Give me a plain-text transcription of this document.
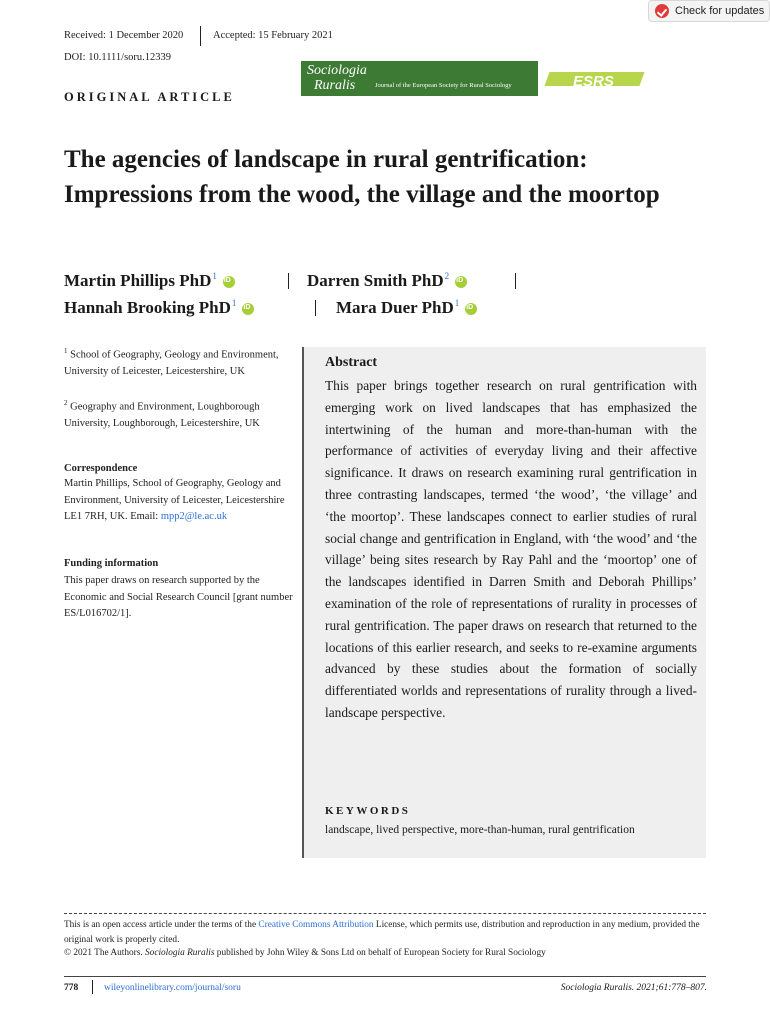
Check for updates
Received: 1 December 2020	Accepted: 15 February 2021
DOI: 10.1111/soru.12339
ORIGINAL ARTICLE
Sociologia
Ruralis	Journal of the European Society for Rural Sociology	ESRS
The agencies of landscape in rural gentrification: Impressions from the wood, the village and the moortop
Martin Phillips PhD$^1$ iD	Darren Smith PhD$^2$
iD
Hannah Brooking PhD$^1$ iD	Mara Duer PhD$^1$
iD
$^1$ School of Geography, Geology and Environment, University of Leicester, Leicestershire, UK
$^2$ Geography and Environment, Loughborough University, Loughborough, Leicestershire, UK
Correspondence
Martin Phillips, School of Geography, Geology and Environment, University of Leicester, Leicestershire LE1 7RH, UK. Email: mpp2@le.ac.uk
Funding information
This paper draws on research supported by the Economic and Social Research Council [grant number ES/L016702/1].
Abstract
This paper brings together research on rural gentrification with emerging work on lived landscapes that has emphasized the intertwining of the human and more-than-human with the performance of activities of everyday living and their affective significance. It draws on research examining rural gentrification in three contrasting landscapes, termed ‘the wood’, ‘the village’ and ‘the moortop’. These landscapes connect to earlier studies of rural social change and gentrification in England, with ‘the wood’ and ‘the village’ being sites research by Ray Pahl and the ‘moortop’ one of the landscapes identified in Darren Smith and Deborah Phillips’ examination of the role of representations of rurality in processes of rural gentrification. The paper draws on research that returned to the locations of this earlier research, and seeks to re-examine arguments advanced by these studies about the formation of socially differentiated worlds and representations of rurality through a lived-landscape perspective.
KEYWORDS
landscape, lived perspective, more-than-human, rural gentrification
This is an open access article under the terms of the Creative Commons Attribution License, which permits use, distribution and reproduction in any medium, provided the original work is properly cited.
© 2021 The Authors. Sociologia Ruralis published by John Wiley & Sons Ltd on behalf of European Society for Rural Sociology
778	wileyonlinelibrary.com/journal/soru	Sociologia Ruralis. 2021;61:778–807.
